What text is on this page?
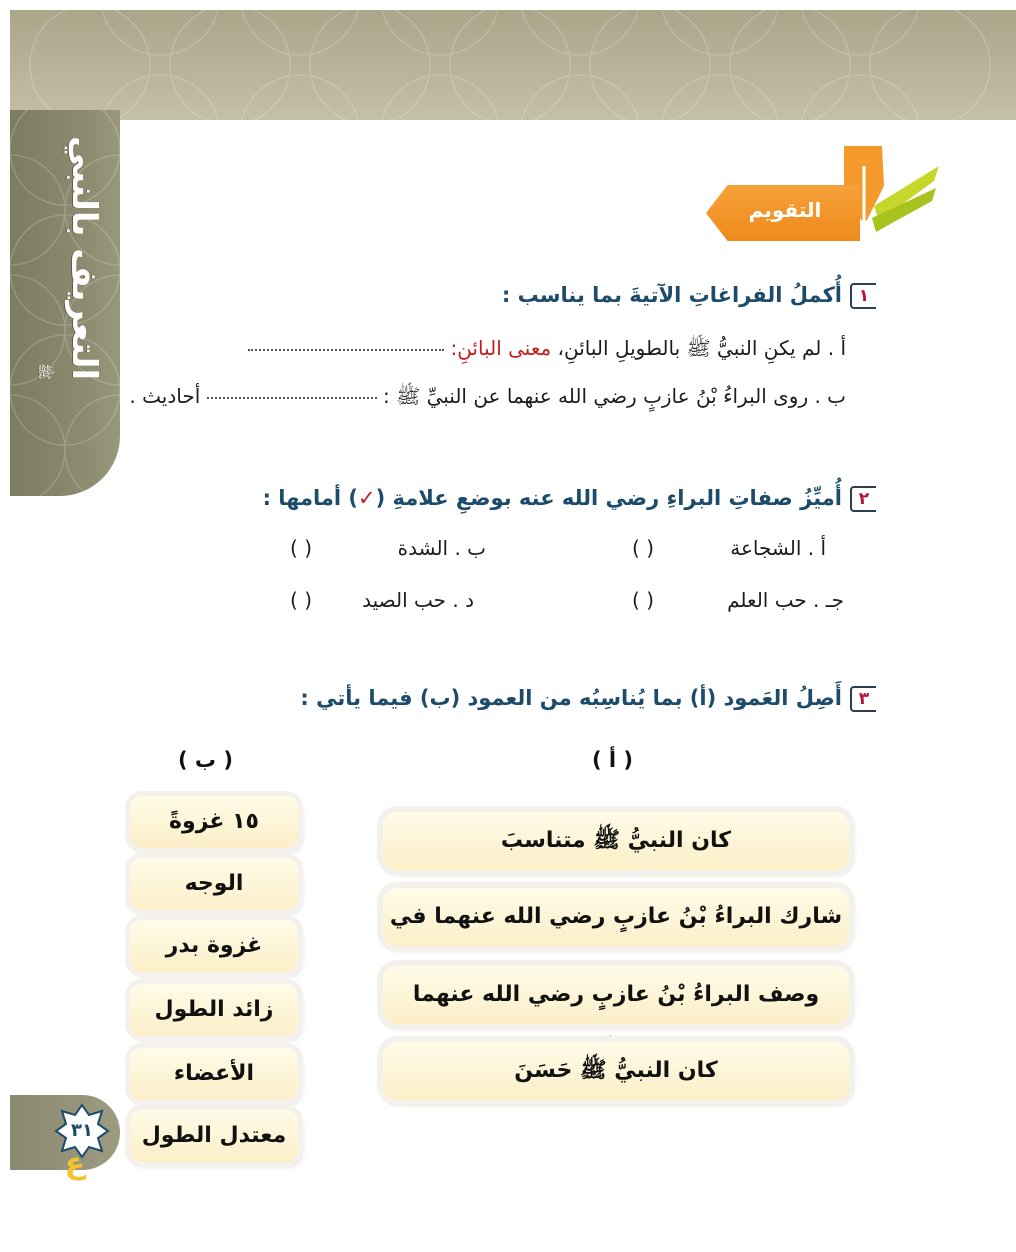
التعريف بالنبي ﷺ
التقويم
١أُكملُ الفراغاتِ الآتيةَ بما يناسب :
أ . لم يكنِ النبيُّ ﷺ بالطويلِ البائنِ، معنى البائنِ:
ب . روى البراءُ بْنُ عازبٍ رضي الله عنهما عن النبيِّ ﷺ :  أحاديث .
٢أُميِّزُ صفاتِ البراءِ رضي الله عنه بوضعِ علامةِ (✓) أمامها :
أ . الشجاعة
( )
ب . الشدة
( )
جـ . حب العلم
( )
د . حب الصيد
( )
٣أَصِلُ العَمود (أ) بما يُناسِبُه من العمود (ب) فيما يأتي :
( أ )
( ب )
كان النبيُّ ﷺ متناسبَ
شارك البراءُ بْنُ عازبٍ رضي الله عنهما في
وصف البراءُ بْنُ عازبٍ رضي الله عنهما
كان النبيُّ ﷺ حَسَنَ
١٥ غزوةً
الوجه
غزوة بدر
زائد الطول
الأعضاء
معتدل الطول
٣١
ع
